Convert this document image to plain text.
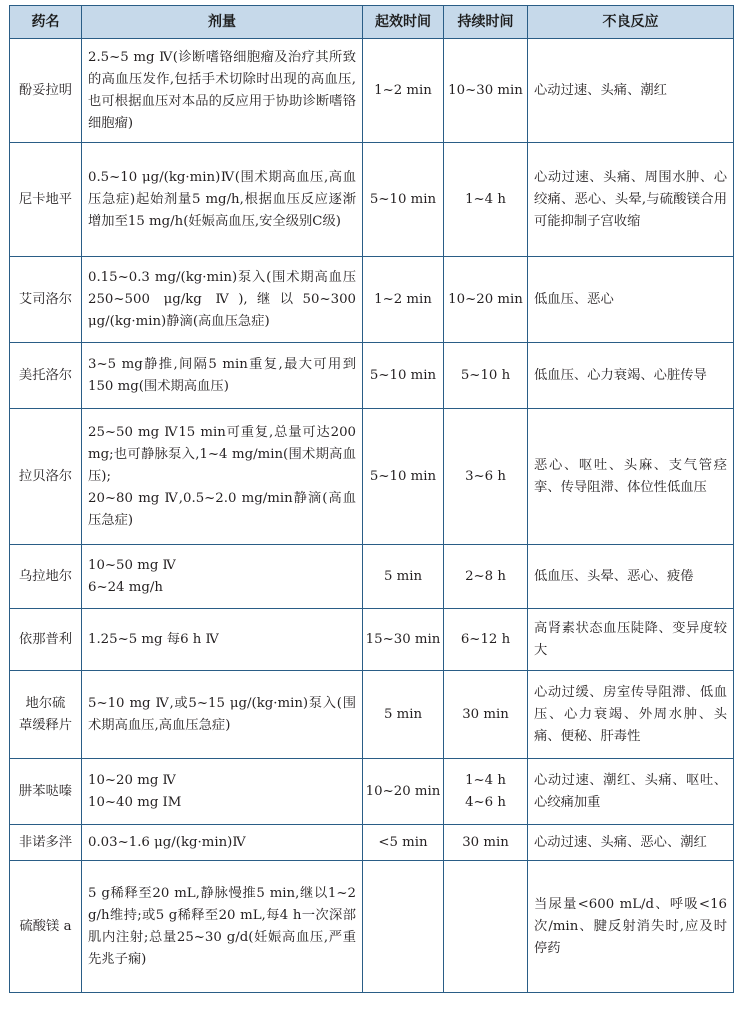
药名	剂量	起效时间	持续时间	不良反应

酚妥拉明	2.5~5 mg Ⅳ(诊断嗜铬细胞瘤及治疗其所致的高血压发作,包括手术切除时出现的高血压,也可根据血压对本品的反应用于协助诊断嗜铬细胞瘤)	1~2 min	10~30 min	心动过速、头痛、潮红

尼卡地平	0.5~10 μg/(kg·min)Ⅳ(围术期高血压,高血压急症)起始剂量5 mg/h,根据血压反应逐渐增加至15 mg/h(妊娠高血压,安全级别C级)	5~10 min	1~4 h	心动过速、头痛、周围水肿、心绞痛、恶心、头晕,与硫酸镁合用可能抑制子宫收缩

艾司洛尔	0.15~0.3 mg/(kg·min)泵入(围术期高血压250~500 μg/kg Ⅳ),继以50~300 μg/(kg·min)静滴(高血压急症)	1~2 min	10~20 min	低血压、恶心

美托洛尔	3~5 mg静推,间隔5 min重复,最大可用到150 mg(围术期高血压)	5~10 min	5~10 h	低血压、心力衰竭、心脏传导

拉贝洛尔	25~50 mg Ⅳ15 min可重复,总量可达200 mg;也可静脉泵入,1~4 mg/min(围术期高血压);
20~80 mg Ⅳ,0.5~2.0 mg/min静滴(高血压急症)	5~10 min	3~6 h	恶心、呕吐、头麻、支气管痉挛、传导阻滞、体位性低血压

乌拉地尔	10~50 mg Ⅳ
6~24 mg/h	5 min	2~8 h	低血压、头晕、恶心、疲倦

依那普利	1.25~5 mg 每6 h Ⅳ	15~30 min	6~12 h	高肾素状态血压陡降、变异度较大

地尔硫
䓬缓释片	5~10 mg Ⅳ,或5~15 μg/(kg·min)泵入(围术期高血压,高血压急症)	5 min	30 min	心动过缓、房室传导阻滞、低血压、心力衰竭、外周水肿、头痛、便秘、肝毒性

肼苯哒嗪	10~20 mg Ⅳ
10~40 mg IM	10~20 min	1~4 h
4~6 h	心动过速、潮红、头痛、呕吐、心绞痛加重

非诺多泮	0.03~1.6 μg/(kg·min)Ⅳ	<5 min	30 min	心动过速、头痛、恶心、潮红

硫酸镁 a	5 g稀释至20 mL,静脉慢推5 min,继以1~2 g/h维持;或5 g稀释至20 mL,每4 h一次深部肌内注射;总量25~30 g/d(妊娠高血压,严重先兆子痫)			当尿量<600 mL/d、呼吸<16次/min、腱反射消失时,应及时停药
